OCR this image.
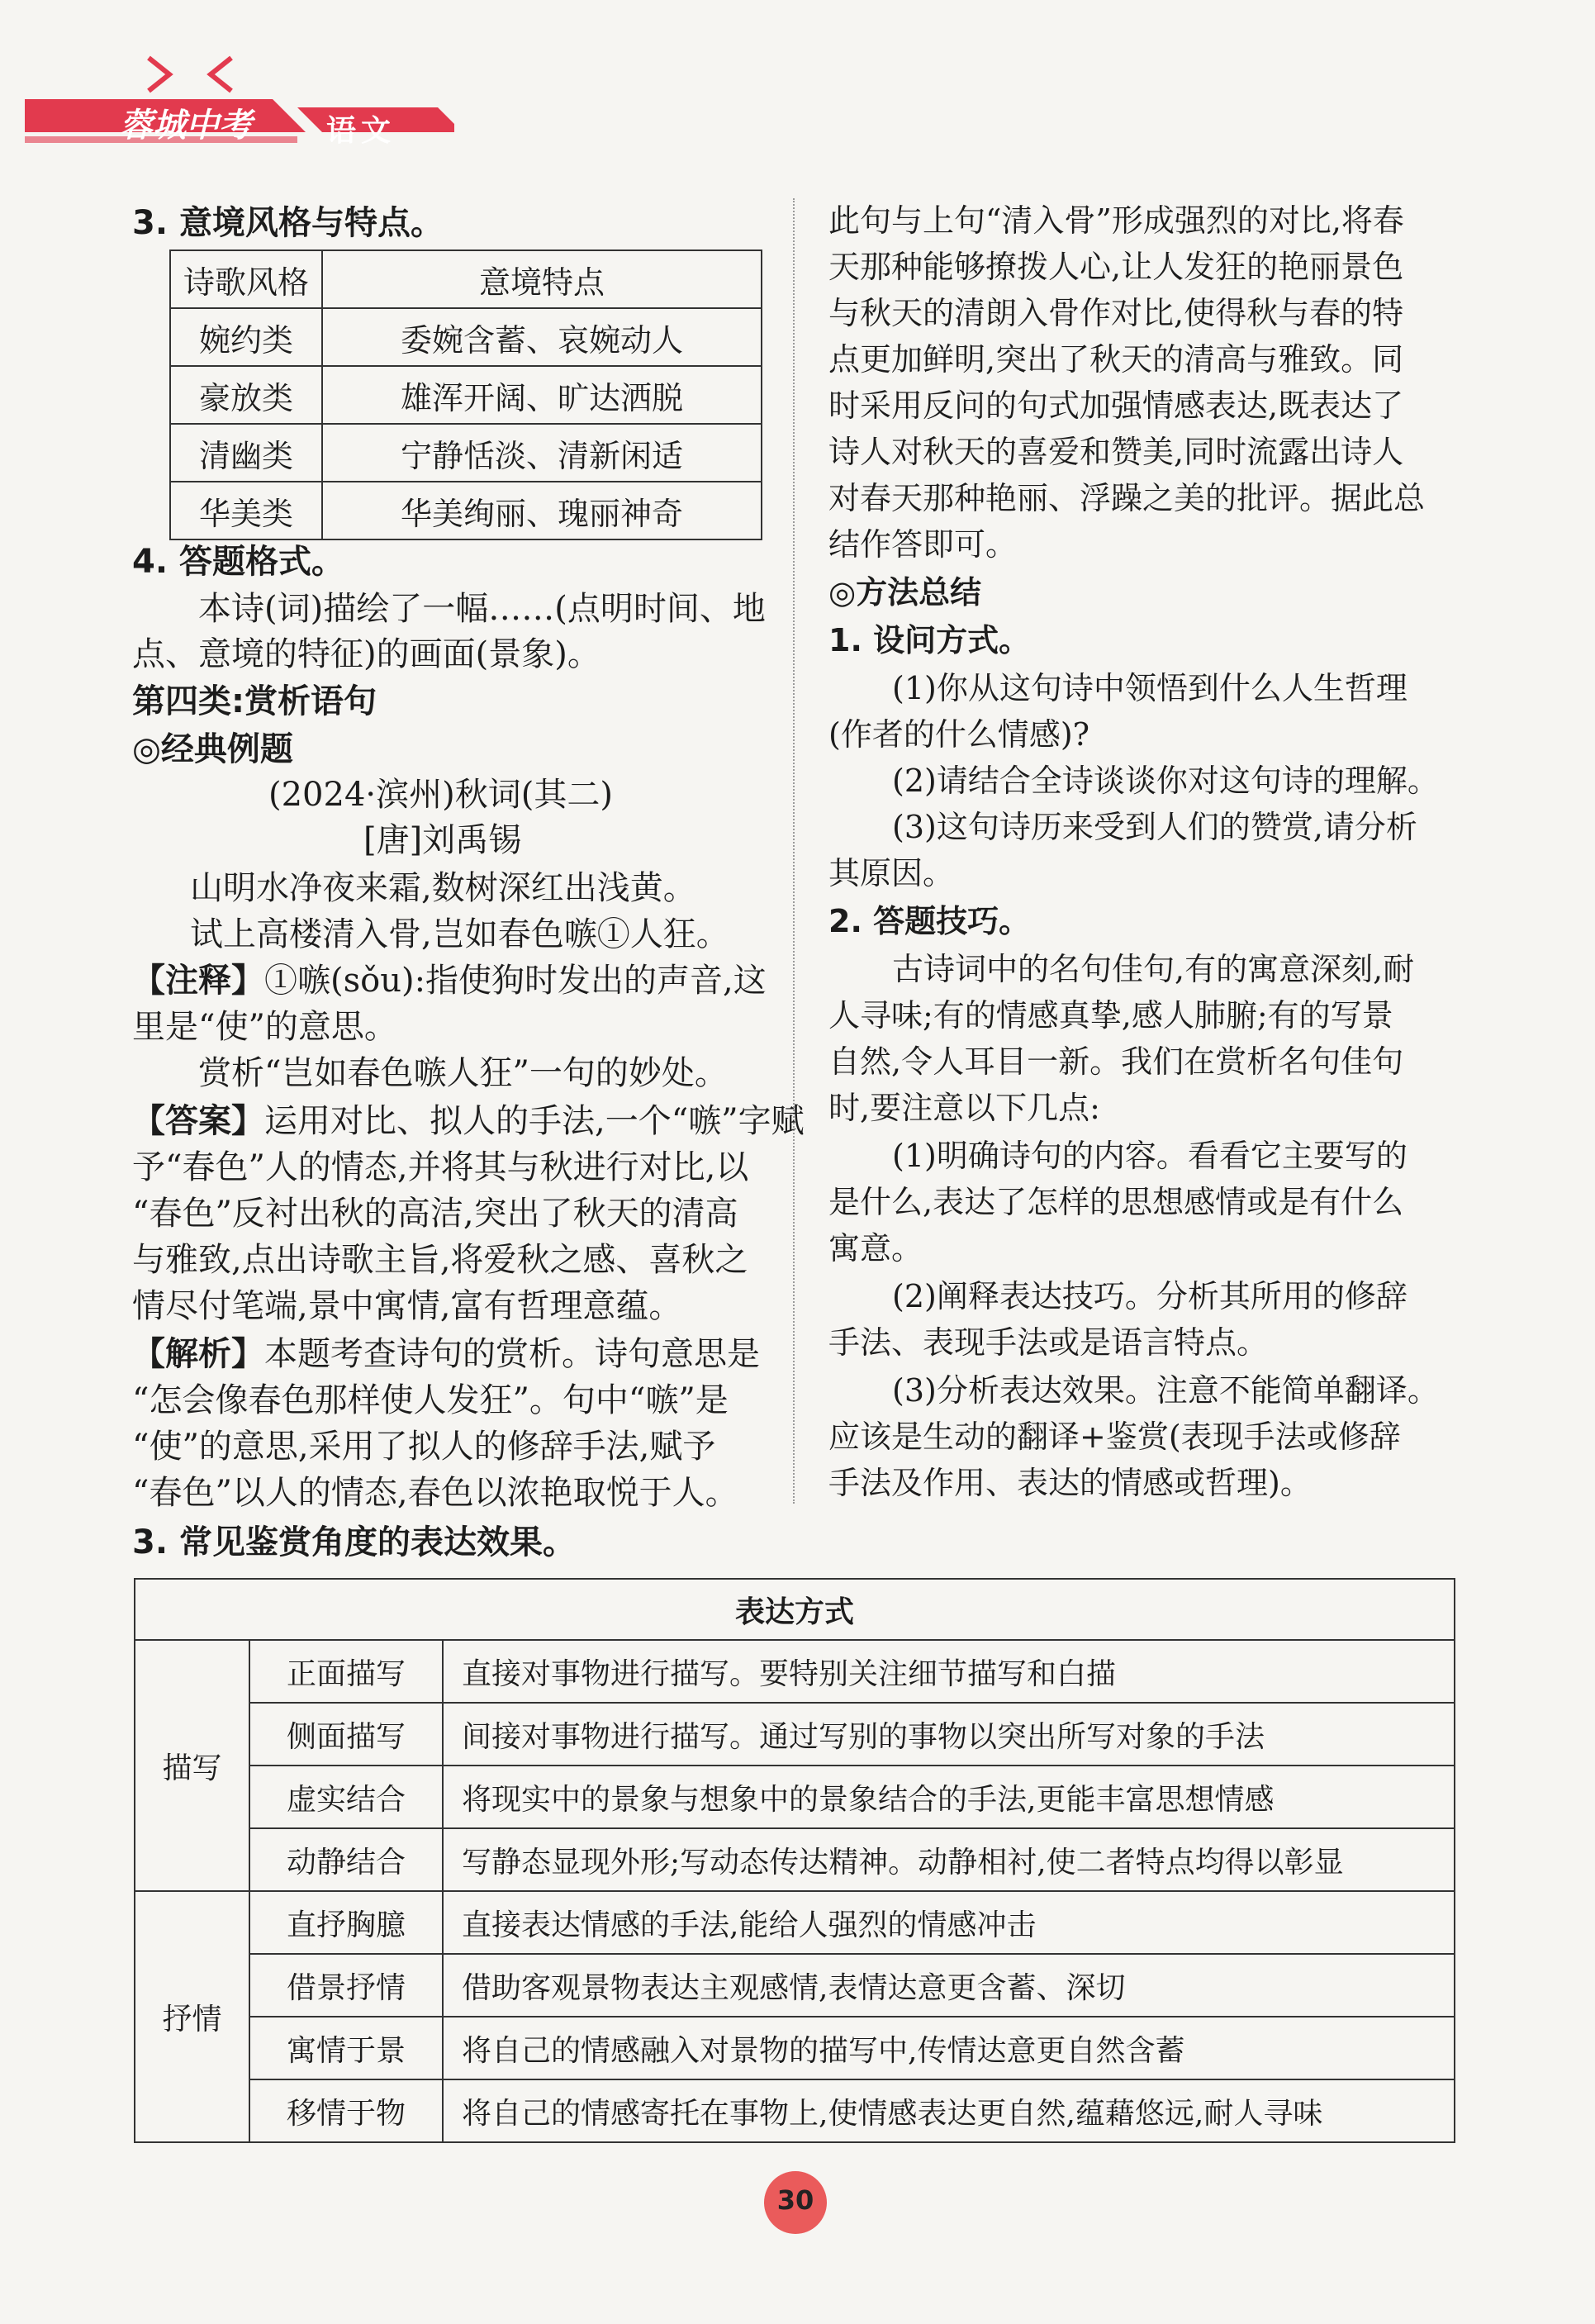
蓉城中考	语文
3. 意境风格与特点。
诗歌风格	意境特点
婉约类	委婉含蓄、哀婉动人
豪放类	雄浑开阔、旷达洒脱
清幽类	宁静恬淡、清新闲适
华美类	华美绚丽、瑰丽神奇
4. 答题格式。
本诗(词)描绘了一幅……(点明时间、地
点、意境的特征)的画面(景象)。
第四类:赏析语句
◎经典例题
(2024·滨州)秋词(其二)
[唐]刘禹锡
山明水净夜来霜,数树深红出浅黄。
试上高楼清入骨,岂如春色嗾①人狂。
【注释】①嗾(sǒu):指使狗时发出的声音,这
里是“使”的意思。
赏析“岂如春色嗾人狂”一句的妙处。
【答案】运用对比、拟人的手法,一个“嗾”字赋
予“春色”人的情态,并将其与秋进行对比,以
“春色”反衬出秋的高洁,突出了秋天的清高
与雅致,点出诗歌主旨,将爱秋之感、喜秋之
情尽付笔端,景中寓情,富有哲理意蕴。
【解析】本题考查诗句的赏析。诗句意思是
“怎会像春色那样使人发狂”。句中“嗾”是
“使”的意思,采用了拟人的修辞手法,赋予
“春色”以人的情态,春色以浓艳取悦于人。
此句与上句“清入骨”形成强烈的对比,将春
天那种能够撩拨人心,让人发狂的艳丽景色
与秋天的清朗入骨作对比,使得秋与春的特
点更加鲜明,突出了秋天的清高与雅致。同
时采用反问的句式加强情感表达,既表达了
诗人对秋天的喜爱和赞美,同时流露出诗人
对春天那种艳丽、浮躁之美的批评。据此总
结作答即可。
◎方法总结
1. 设问方式。
(1)你从这句诗中领悟到什么人生哲理
(作者的什么情感)?
(2)请结合全诗谈谈你对这句诗的理解。
(3)这句诗历来受到人们的赞赏,请分析
其原因。
2. 答题技巧。
古诗词中的名句佳句,有的寓意深刻,耐
人寻味;有的情感真挚,感人肺腑;有的写景
自然,令人耳目一新。我们在赏析名句佳句
时,要注意以下几点:
(1)明确诗句的内容。看看它主要写的
是什么,表达了怎样的思想感情或是有什么
寓意。
(2)阐释表达技巧。分析其所用的修辞
手法、表现手法或是语言特点。
(3)分析表达效果。注意不能简单翻译。
应该是生动的翻译+鉴赏(表现手法或修辞
手法及作用、表达的情感或哲理)。
3. 常见鉴赏角度的表达效果。
表达方式		
描写	正面描写	直接对事物进行描写。要特别关注细节描写和白描
	侧面描写	间接对事物进行描写。通过写别的事物以突出所写对象的手法
	虚实结合	将现实中的景象与想象中的景象结合的手法,更能丰富思想情感
	动静结合	写静态显现外形;写动态传达精神。动静相衬,使二者特点均得以彰显
抒情	直抒胸臆	直接表达情感的手法,能给人强烈的情感冲击
	借景抒情	借助客观景物表达主观感情,表情达意更含蓄、深切
	寓情于景	将自己的情感融入对景物的描写中,传情达意更自然含蓄
	移情于物	将自己的情感寄托在事物上,使情感表达更自然,蕴藉悠远,耐人寻味
30
